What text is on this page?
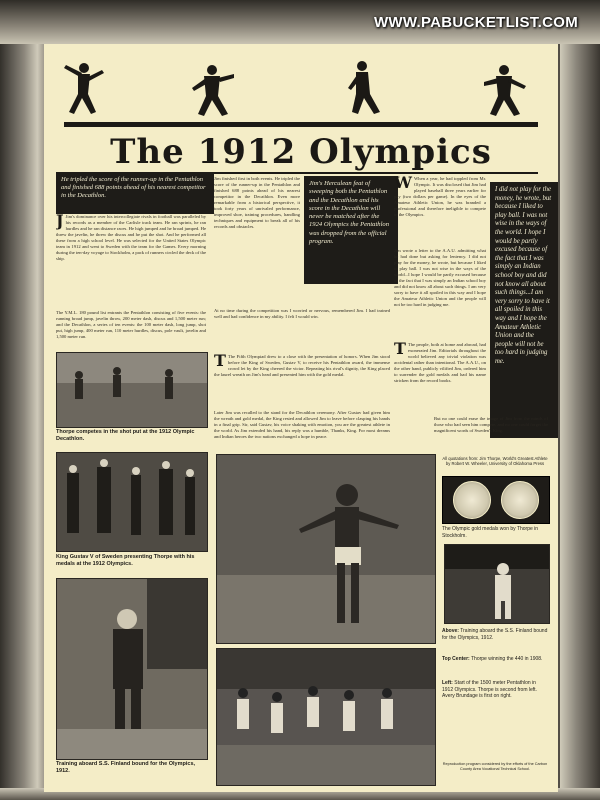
The 1912 Olympics
He tripled the score of the runner-up in the Pentathlon and finished 688 points ahead of his nearest competitor in the Decathlon.
J Jim's dominance over his intercollegiate rivals in football was paralleled by his records as a member of the Carlisle track team. He ran sprints, he ran hurdles and he ran distance races. He high jumped and he broad jumped. He threw the javelin, he threw the discus and he put the shot. And he performed all these from a high school level. He was selected for the United States Olympic team in 1912 and went to Sweden with the team for the Games. Every morning during the ten-day voyage to Stockholm, a pack of runners circled the deck of the ship.
The Y.M.L. 180 pound list entrants the Pentathlon consisting of five events: the running broad jump, javelin throw, 200 meter dash, discus and 1,500 meter run; and the Decathlon, a series of ten events: the 100 meter dash, long jump, shot put, high jump, 400 meter run, 110 meter hurdles, discus, pole vault, javelin and 1,500 meter run.
Thorpe competes in the shot put at the 1912 Olympic Decathlon.
King Gustav V of Sweden presenting Thorpe with his medals at the 1912 Olympics.
Training aboard S.S. Finland bound for the Olympics, 1912.
Jim finished first in both events. He tripled the score of the runner-up in the Pentathlon and finished 688 points ahead of his nearest competitor in the Decathlon. Even more remarkable from a historical perspective, it took forty years of unrivaled performance, improved shoe, training procedures, handling techniques and equipment to break all of his records and obstacles.
Jim's Herculean feat of sweeping both the Pentathlon and the Decathlon and his score in the Decathlon will never be matched after the 1924 Olympics the Pentathlon was dropped from the official program.
At no time during the competition was I worried or nervous, remembered Jim. I had trained well and had confidence in my ability. I felt I would win.
T The Fifth Olympiad drew to a close with the presentation of honors. When Jim stood before the King of Sweden, Gustav V, to receive his Pentathlon award, the immense crowd let by the King cheered the victor. Repeating his rival's dignity, the King placed the laurel wreath on Jim's head and presented him with the gold medal.
Later Jim was recalled to the stand for the Decathlon ceremony. After Gustav had given him the wreath and gold medal, the King rested and allowed Jim to leave before clasping his hands in a final grip. Sir, said Gustav, his voice shaking with emotion, you are the greatest athlete in the world. As Jim extended his hand, his reply was a humble, Thanks, King. For most dreams and Indian heroes the two nations exchanged a hope in peace.
W When a year, he had toppled from Mr. Olympic. It was disclosed that Jim had played baseball three years earlier for pay (two dollars per game). In the eyes of the Amateur Athletic Union, he was branded a professional and therefore ineligible to compete in the Olympics.
Jim wrote a letter to the A.A.U. admitting what he had done but asking for leniency. I did not play for the money, he wrote, but because I liked to play ball. I was not wise in the ways of the world...I hope I would be partly excused because of the fact that I was simply an Indian school boy and did not know all about such things. I am very sorry to have it all spoiled in this way and I hope the Amateur Athletic Union and the people will not be too hard in judging me.
I did not play for the money, he wrote, but because I liked to play ball. I was not wise in the ways of the world. I hope I would be partly excused because of the fact that I was simply an Indian school boy and did not know all about such things...I am very sorry to have it all spoiled in this way and I hope the Amateur Athletic Union and the people will not be too hard in judging me.
T The people, both at home and abroad, had exonerated Jim. Editorials throughout the world believed any trivial violation was accidental rather than intentional. The A.A.U., on the other hand, publicly vilified Jim, ordered him to surrender the gold medals and had his name stricken from the record books.
But no one could erase the image of Jim from the minds of those who had seen him compete, and no one could forget the magnificent words of Sweden's King.
All quotations from: Jim Thorpe, World's Greatest Athlete by Robert W. Wheeler, University of Oklahoma Press
The Olympic gold medals won by Thorpe in Stockholm.
Above: Training aboard the S.S. Finland bound for the Olympics, 1912.
Top Center: Thorpe winning the 440 in 1908.
Left: Start of the 1500 meter Pentathlon in 1912 Olympics. Thorpe is second from left. Avery Brundage is first on right.
Reproduction program considered by the efforts of the Carbon County Area Vocational Technical School.
WWW.PABUCKETLIST.COM
